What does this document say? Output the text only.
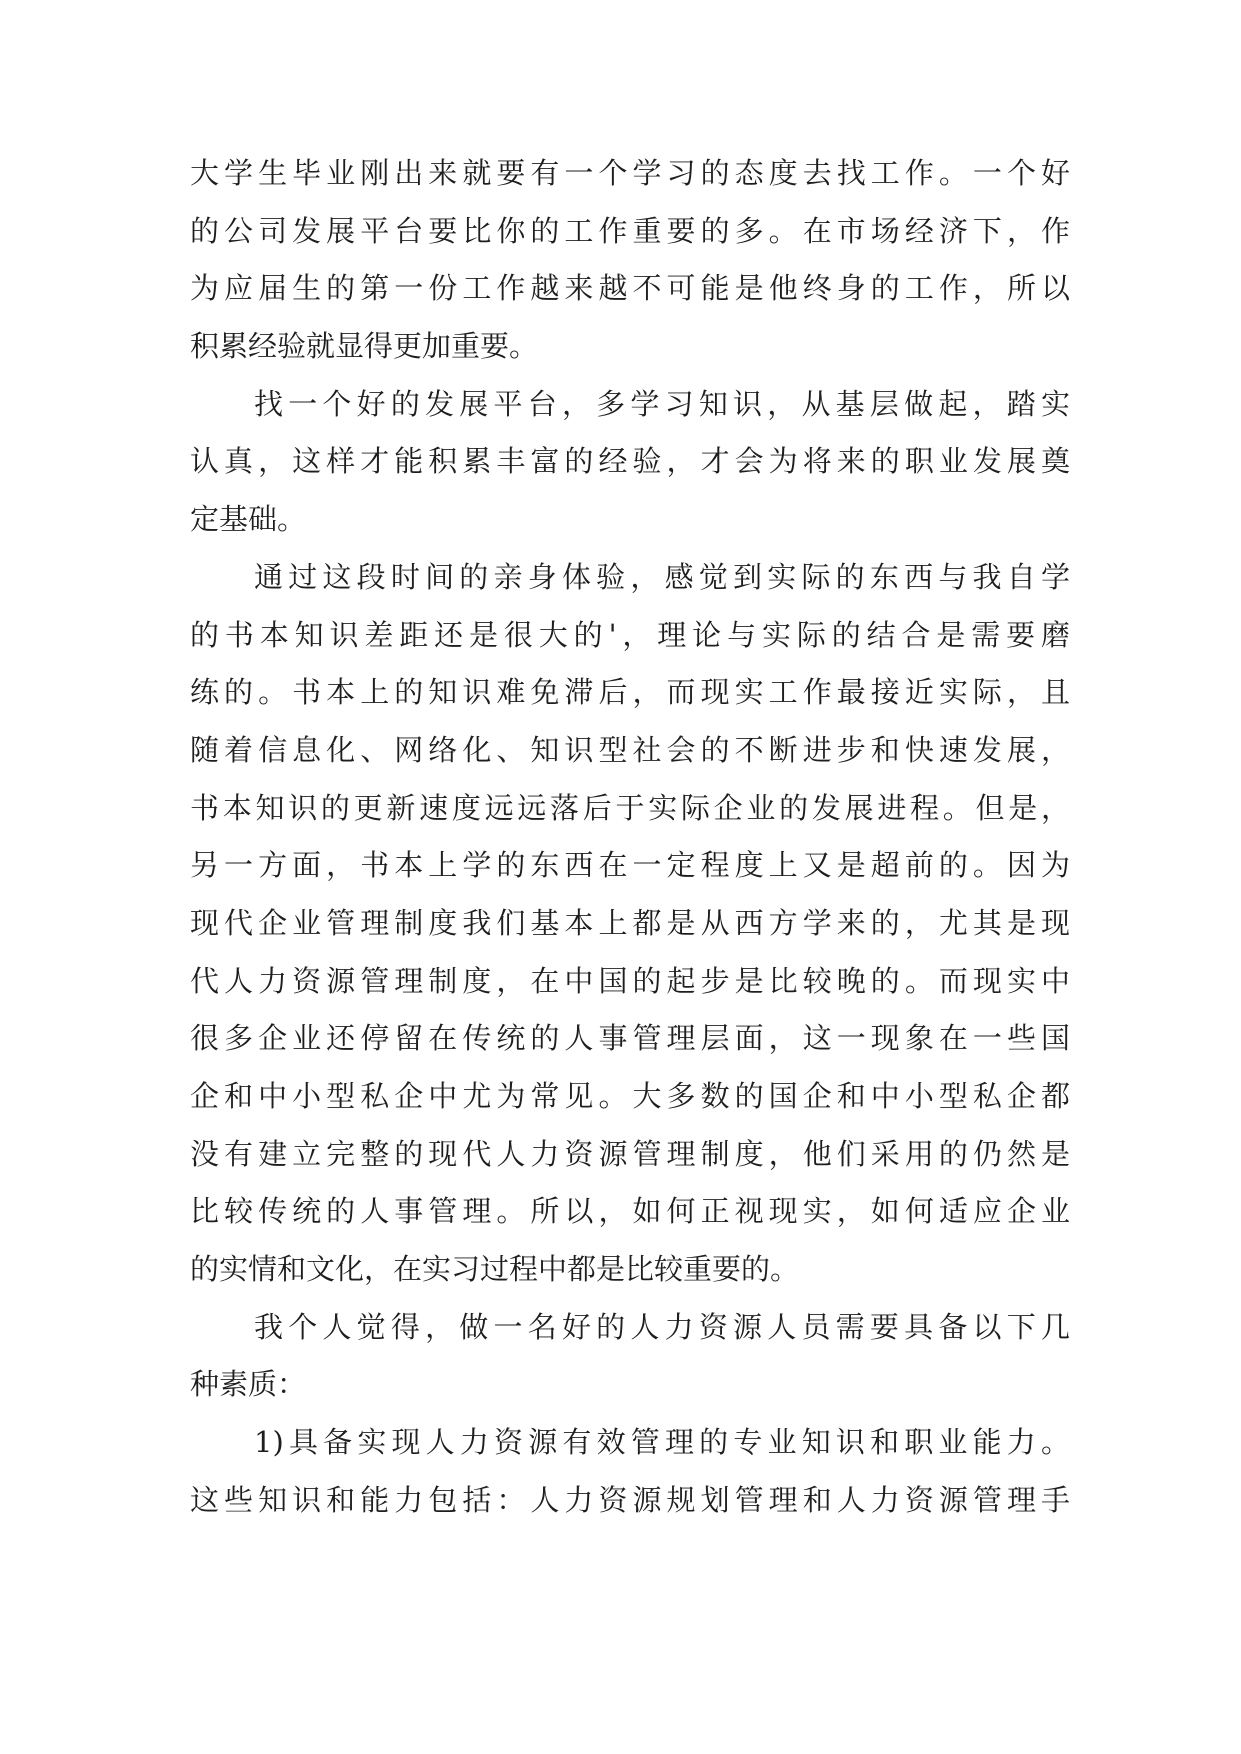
大学生毕业刚出来就要有一个学习的态度去找工作。一个好
的公司发展平台要比你的工作重要的多。在市场经济下，作
为应届生的第一份工作越来越不可能是他终身的工作，所以
积累经验就显得更加重要。
找一个好的发展平台，多学习知识，从基层做起，踏实
认真，这样才能积累丰富的经验，才会为将来的职业发展奠
定基础。
通过这段时间的亲身体验，感觉到实际的东西与我自学
的书本知识差距还是很大的'，理论与实际的结合是需要磨
练的。书本上的知识难免滞后，而现实工作最接近实际，且
随着信息化、网络化、知识型社会的不断进步和快速发展，
书本知识的更新速度远远落后于实际企业的发展进程。但是，
另一方面，书本上学的东西在一定程度上又是超前的。因为
现代企业管理制度我们基本上都是从西方学来的，尤其是现
代人力资源管理制度，在中国的起步是比较晚的。而现实中
很多企业还停留在传统的人事管理层面，这一现象在一些国
企和中小型私企中尤为常见。大多数的国企和中小型私企都
没有建立完整的现代人力资源管理制度，他们采用的仍然是
比较传统的人事管理。所以，如何正视现实，如何适应企业
的实情和文化，在实习过程中都是比较重要的。
我个人觉得，做一名好的人力资源人员需要具备以下几
种素质：
1)具备实现人力资源有效管理的专业知识和职业能力。
这些知识和能力包括：人力资源规划管理和人力资源管理手
